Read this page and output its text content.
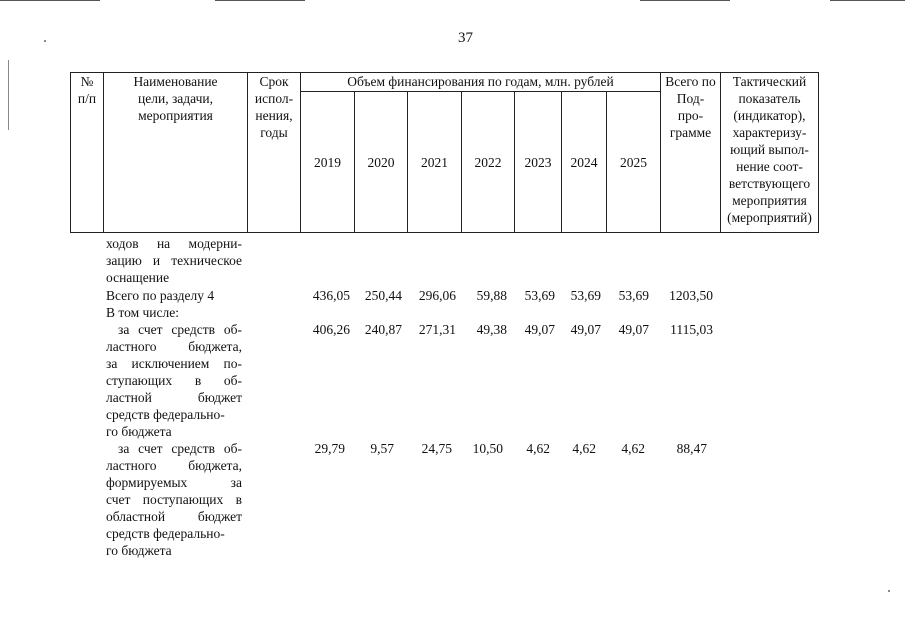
37
№ п/п	Наименование цели, задачи, мероприятия	Срок испол-нения, годы	Объем финансирования по годам, млн. рублей							Всего по Под-про-грамме	Тактический показатель (индикатор), характеризу-ющий выпол-нение соот-ветствующего мероприятия (мероприятий)

			2019	2020	2021	2022	2023	2024	2025		
ходов на модерни-
зацию и техническое
оснащение
Всего по разделу 4	436,05 250,44 296,06 59,88 53,69 53,69 53,69 1203,50
В том числе:
за счет средств об-
ластного бюджета,
за исключением по-
ступающих в об-
ластной бюджет
средств федерально-
го бюджета
406,26 240,87 271,31 49,38 49,07 49,07 49,07 1115,03
за счет средств об-
ластного бюджета,
формируемых за
счет поступающих в
областной бюджет
средств федерально-
го бюджета
29,79 9,57 24,75 10,50 4,62 4,62 4,62 88,47
